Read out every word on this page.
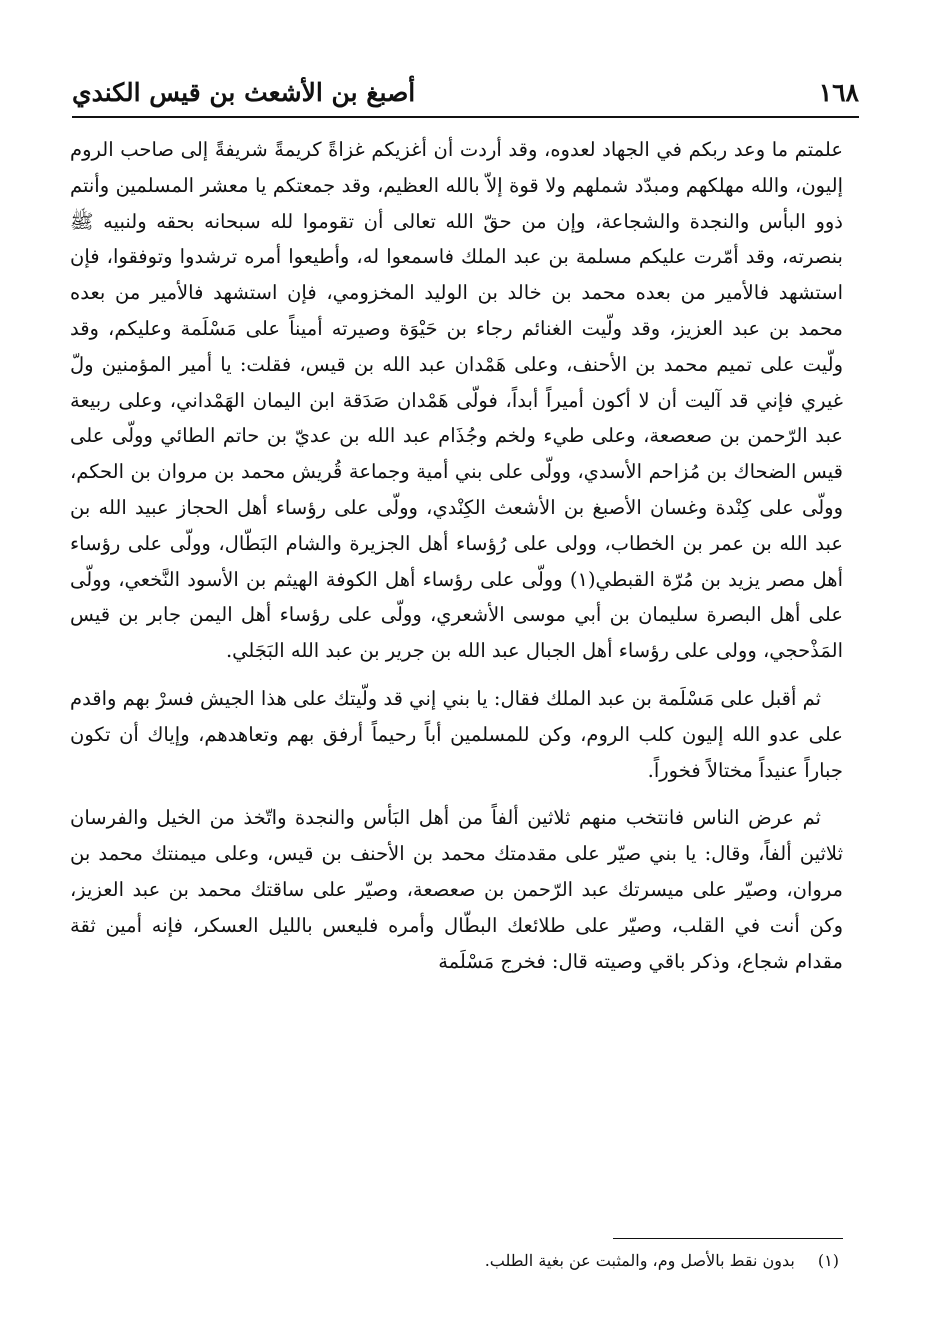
١٦٨
أصبغ بن الأشعث بن قيس الكندي

علمتم ما وعد ربكم في الجهاد لعدوه، وقد أردت أن أغزيكم غزاةً كريمةً شريفةً إلى صاحب الروم إليون، والله مهلكهم ومبدّد شملهم ولا قوة إلاّ بالله العظيم، وقد جمعتكم يا معشر المسلمين وأنتم ذوو البأس والنجدة والشجاعة، وإن من حقّ الله تعالى أن تقوموا لله سبحانه بحقه ولنبيه ﷺ بنصرته، وقد أمّرت عليكم مسلمة بن عبد الملك فاسمعوا له، وأطيعوا أمره ترشدوا وتوفقوا، فإن استشهد فالأمير من بعده محمد بن خالد بن الوليد المخزومي، فإن استشهد فالأمير من بعده محمد بن عبد العزيز، وقد ولّيت الغنائم رجاء بن حَيْوَة وصيرته أميناً على مَسْلَمة وعليكم، وقد ولّيت على تميم محمد بن الأحنف، وعلى هَمْدان عبد الله بن قيس، فقلت: يا أمير المؤمنين ولّ غيري فإني قد آليت أن لا أكون أميراً أبداً، فولّى هَمْدان صَدَقة ابن اليمان الهَمْداني، وعلى ربيعة عبد الرّحمن بن صعصعة، وعلى طيء ولخم وجُذَام عبد الله بن عديّ بن حاتم الطائي وولّى على قيس الضحاك بن مُزاحم الأسدي، وولّى على بني أمية وجماعة قُريش محمد بن مروان بن الحكم، وولّى على كِنْدة وغسان الأصبغ بن الأشعث الكِنْدي، وولّى على رؤساء أهل الحجاز عبيد الله بن عبد الله بن عمر بن الخطاب، وولى على رُؤساء أهل الجزيرة والشام البَطّال، وولّى على رؤساء أهل مصر يزيد بن مُرّة القبطي(١) وولّى على رؤساء أهل الكوفة الهيثم بن الأسود النَّخعي، وولّى على أهل البصرة سليمان بن أبي موسى الأشعري، وولّى على رؤساء أهل اليمن جابر بن قيس المَذْحجي، وولى على رؤساء أهل الجبال عبد الله بن جرير بن عبد الله البَجَلي.

ثم أقبل على مَسْلَمة بن عبد الملك فقال: يا بني إني قد ولّيتك على هذا الجيش فسرْ بهم واقدم على عدو الله إليون كلب الروم، وكن للمسلمين أباً رحيماً أرفق بهم وتعاهدهم، وإياك أن تكون جباراً عنيداً مختالاً فخوراً.

ثم عرض الناس فانتخب منهم ثلاثين ألفاً من أهل البَأس والنجدة واتّخذ من الخيل والفرسان ثلاثين ألفاً، وقال: يا بني صيّر على مقدمتك محمد بن الأحنف بن قيس، وعلى ميمنتك محمد بن مروان، وصيّر على ميسرتك عبد الرّحمن بن صعصعة، وصيّر على ساقتك محمد بن عبد العزيز، وكن أنت في القلب، وصيّر على طلائعك البطّال وأمره فليعس بالليل العسكر، فإنه أمين ثقة مقدام شجاع، وذكر باقي وصيته قال: فخرج مَسْلَمة

(١) بدون نقط بالأصل وم، والمثبت عن بغية الطلب.
